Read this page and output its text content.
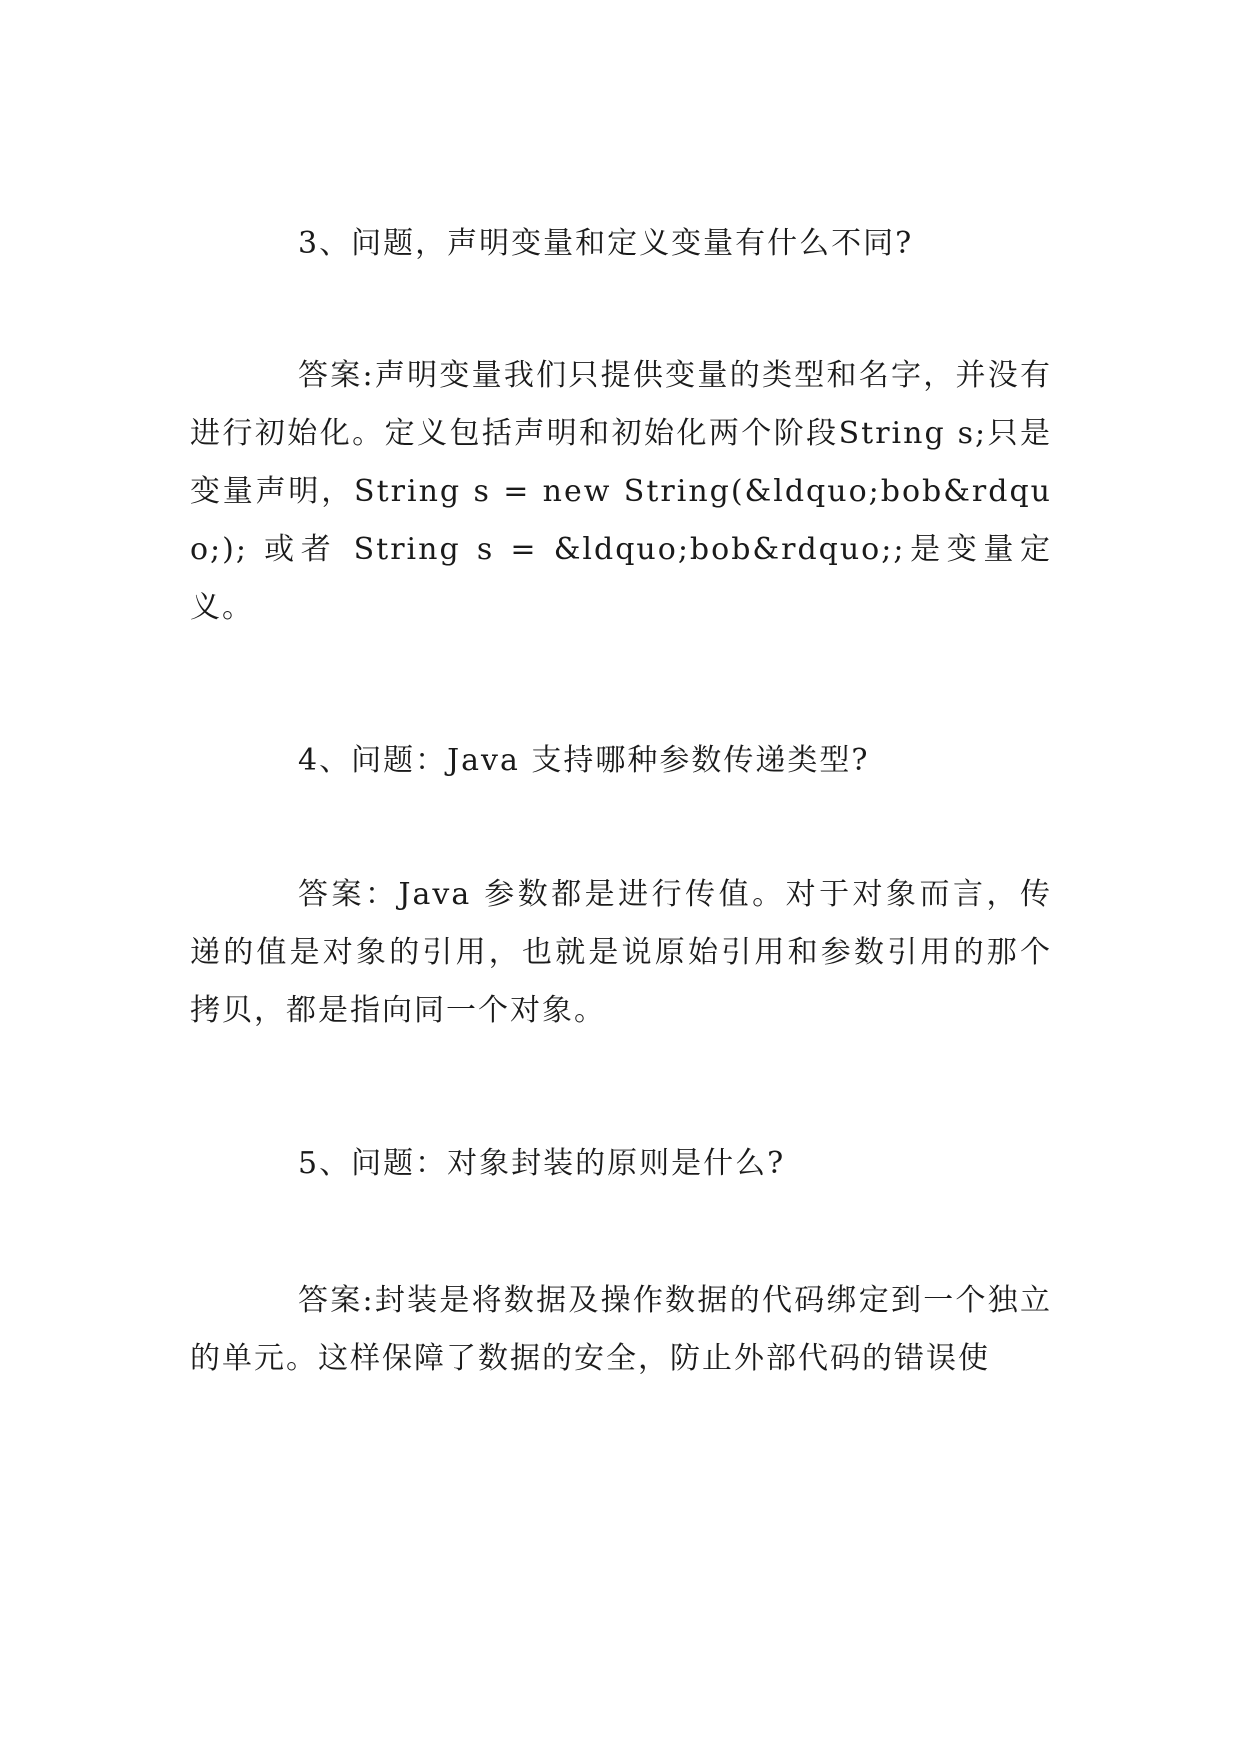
3、问题，声明变量和定义变量有什么不同?

答案:声明变量我们只提供变量的类型和名字，并没有进行初始化。定义包括声明和初始化两个阶段String s;只是变量声明，String s = new String(&ldquo;bob&rdquo;); 或者 String s = &ldquo;bob&rdquo;;是变量定义。

4、问题：Java 支持哪种参数传递类型?

答案：Java 参数都是进行传值。对于对象而言，传递的值是对象的引用，也就是说原始引用和参数引用的那个拷贝，都是指向同一个对象。

5、问题：对象封装的原则是什么?

答案:封装是将数据及操作数据的代码绑定到一个独立的单元。这样保障了数据的安全，防止外部代码的错误使
